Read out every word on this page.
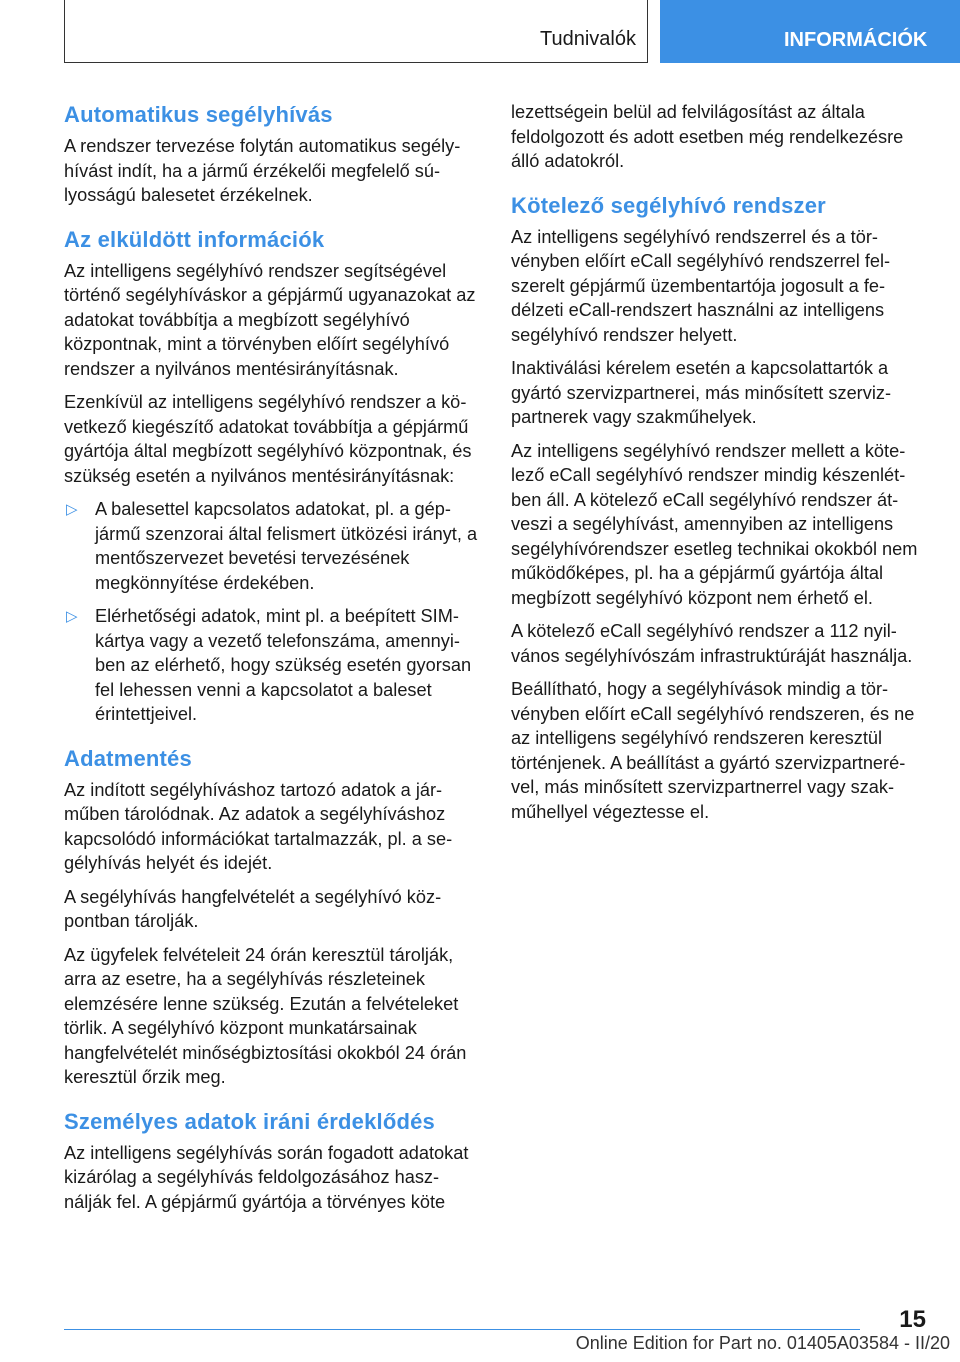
Tudnivalók	INFORMÁCIÓK
Automatikus segélyhívás

A rendszer tervezése folytán automatikus segélyhívást indít, ha a jármű érzékelői megfelelő súlyosságú balesetet érzékelnek.

Az elküldött információk

Az intelligens segélyhívó rendszer segítségével történő segélyhíváskor a gépjármű ugyanazokat az adatokat továbbítja a megbízott segélyhívó központnak, mint a törvényben előírt segélyhívó rendszer a nyilvános mentésirányításnak.

Ezenkívül az intelligens segélyhívó rendszer a következő kiegészítő adatokat továbbítja a gépjármű gyártója által megbízott segélyhívó központnak, és szükség esetén a nyilvános mentésirányításnak:

▷ A balesettel kapcsolatos adatokat, pl. a gépjármű szenzorai által felismert ütközési irányt, a mentőszervezet bevetési tervezésének megkönnyítése érdekében.
▷ Elérhetőségi adatok, mint pl. a beépített SIM-kártya vagy a vezető telefonszáma, amennyiben az elérhető, hogy szükség esetén gyorsan fel lehessen venni a kapcsolatot a baleset érintettjeivel.
Adatmentés

Az indított segélyhíváshoz tartozó adatok a járműben tárolódnak. Az adatok a segélyhíváshoz kapcsolódó információkat tartalmazzák, pl. a segélyhívás helyét és idejét.

A segélyhívás hangfelvételét a segélyhívó központban tárolják.

Az ügyfelek felvételeit 24 órán keresztül tárolják, arra az esetre, ha a segélyhívás részleteinek elemzésére lenne szükség. Ezután a felvételeket törlik. A segélyhívó központ munkatársainak hangfelvételét minőségbiztosítási okokból 24 órán keresztül őrzik meg.

Személyes adatok iráni érdeklődés

Az intelligens segélyhívás során fogadott adatokat kizárólag a segélyhívás feldolgozásához használják fel. A gépjármű gyártója a törvényes köte

lezettségein belül ad felvilágosítást az általa feldolgozott és adott esetben még rendelkezésre álló adatokról.

Kötelező segélyhívó rendszer

Az intelligens segélyhívó rendszerrel és a törvényben előírt eCall segélyhívó rendszerrel felszerelt gépjármű üzembentartója jogosult a fedélzeti eCall-rendszert használni az intelligens segélyhívó rendszer helyett.

Inaktiválási kérelem esetén a kapcsolattartók a gyártó szervizpartnerei, más minősített szervizpartnerek vagy szakműhelyek.

Az intelligens segélyhívó rendszer mellett a kötelező eCall segélyhívó rendszer mindig készenlétben áll. A kötelező eCall segélyhívó rendszer átveszi a segélyhívást, amennyiben az intelligens segélyhívórendszer esetleg technikai okokból nem működőképes, pl. ha a gépjármű gyártója által megbízott segélyhívó központ nem érhető el.

A kötelező eCall segélyhívó rendszer a 112 nyilvános segélyhívószám infrastruktúráját használja.

Beállítható, hogy a segélyhívások mindig a törvényben előírt eCall segélyhívó rendszeren, és ne az intelligens segélyhívó rendszeren keresztül történjenek. A beállítást a gyártó szervizpartnerével, más minősített szervizpartnerrel vagy szakműhellyel végeztesse el.

15
Online Edition for Part no. 01405A03584 - II/20
